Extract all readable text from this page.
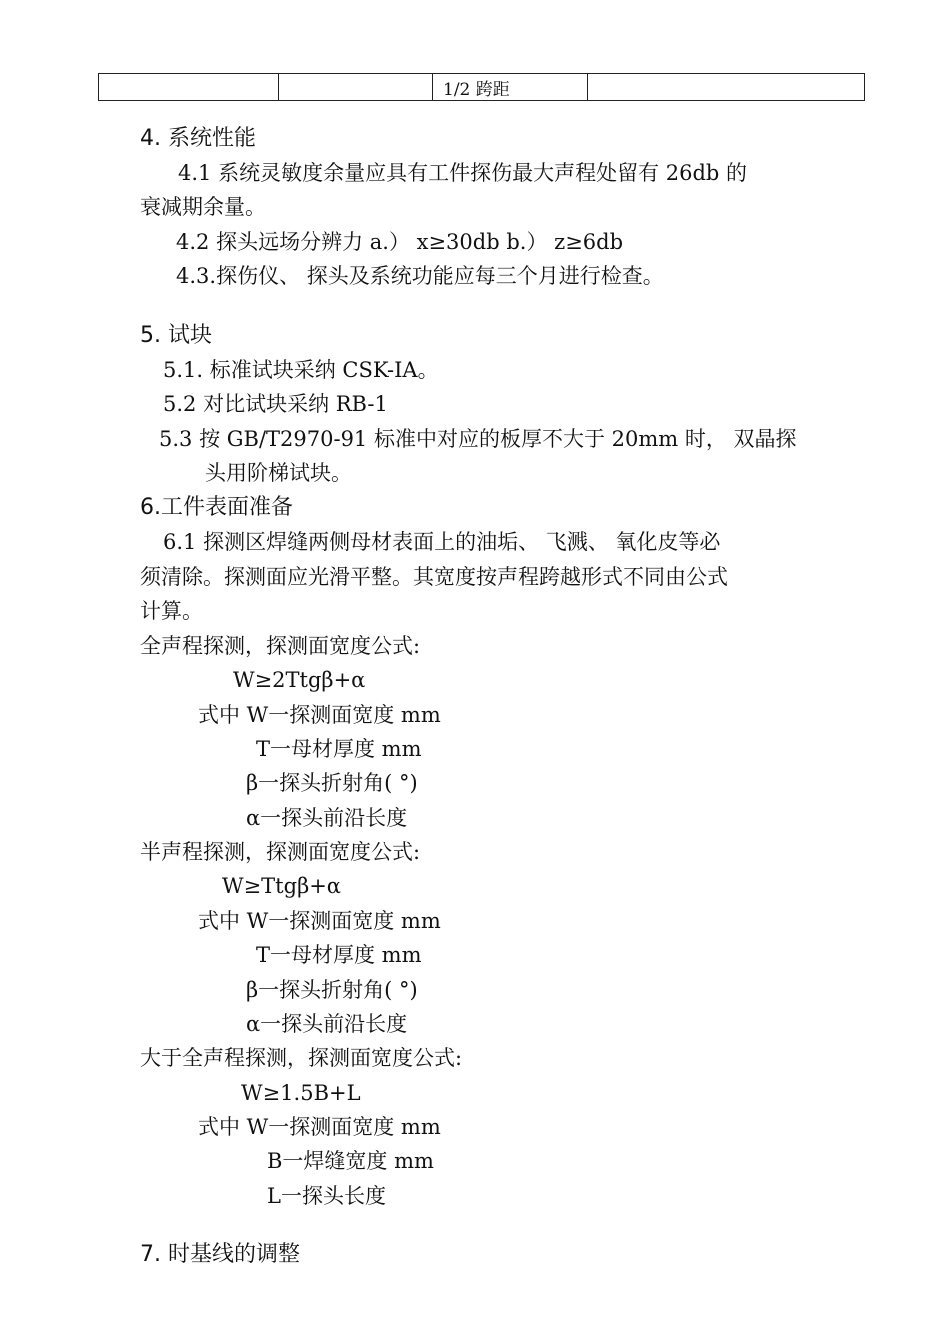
		1/2 跨距	
4. 系统性能
4.1 系统灵敏度余量应具有工件探伤最大声程处留有 26db 的
衰减期余量。
4.2 探头远场分辨力 a.） x≥30db b.） z≥6db
4.3.探伤仪、 探头及系统功能应每三个月进行检查。
5. 试块
5.1. 标准试块采纳 CSK-IA。
5.2 对比试块采纳 RB-1
5.3 按 GB/T2970-91 标准中对应的板厚不大于 20mm 时， 双晶探
头用阶梯试块。
6.工件表面准备
6.1 探测区焊缝两侧母材表面上的油垢、 飞溅、 氧化皮等必
须清除。探测面应光滑平整。其宽度按声程跨越形式不同由公式
计算。
全声程探测，探测面宽度公式:
W≥2Ttgβ+α
式中 W一探测面宽度 mm
T一母材厚度 mm
β一探头折射角( °)
α一探头前沿长度
半声程探测，探测面宽度公式:
W≥Ttgβ+α
式中 W一探测面宽度 mm
T一母材厚度 mm
β一探头折射角( °)
α一探头前沿长度
大于全声程探测，探测面宽度公式:
W≥1.5B+L
式中 W一探测面宽度 mm
B一焊缝宽度 mm
L一探头长度
7. 时基线的调整
